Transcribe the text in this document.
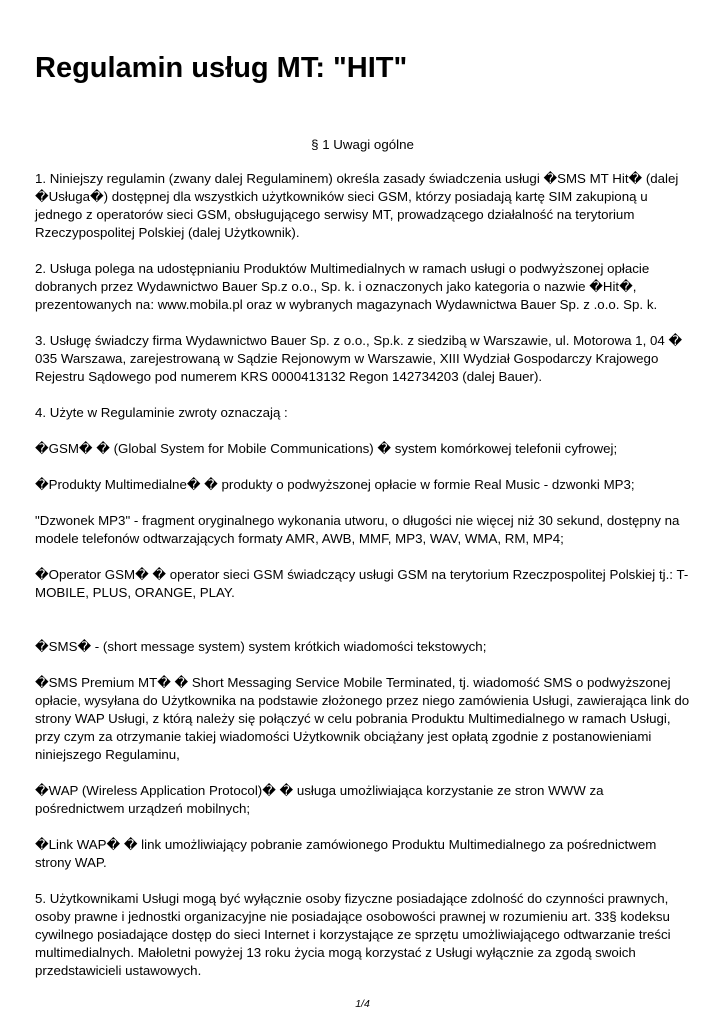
Regulamin usług MT: "HIT"
§ 1 Uwagi ogólne

1. Niniejszy regulamin (zwany dalej Regulaminem) określa zasady świadczenia usługi �SMS MT Hit� (dalej �Usługa�) dostępnej dla wszystkich użytkowników sieci GSM, którzy posiadają kartę SIM zakupioną u jednego z operatorów sieci GSM, obsługującego serwisy MT, prowadzącego działalność na terytorium Rzeczypospolitej Polskiej (dalej Użytkownik).

2. Usługa polega na udostępnianiu Produktów Multimedialnych w ramach usługi o podwyższonej opłacie dobranych przez Wydawnictwo Bauer Sp.z o.o., Sp. k. i oznaczonych jako kategoria o nazwie �Hit�, prezentowanych na: www.mobila.pl oraz w wybranych magazynach Wydawnictwa Bauer Sp. z .o.o. Sp. k.

3. Usługę świadczy firma Wydawnictwo Bauer Sp. z o.o., Sp.k. z siedzibą w Warszawie, ul. Motorowa 1, 04 � 035 Warszawa, zarejestrowaną w Sądzie Rejonowym w Warszawie, XIII Wydział Gospodarczy Krajowego Rejestru Sądowego pod numerem KRS 0000413132 Regon 142734203 (dalej Bauer).

4. Użyte w Regulaminie zwroty oznaczają :

�GSM� � (Global System for Mobile Communications) � system komórkowej telefonii cyfrowej;

�Produkty Multimedialne� � produkty o podwyższonej opłacie w formie Real Music - dzwonki MP3;

"Dzwonek MP3" - fragment oryginalnego wykonania utworu, o długości nie więcej niż 30 sekund, dostępny na modele telefonów odtwarzających formaty AMR, AWB, MMF, MP3, WAV, WMA, RM, MP4;

�Operator GSM� � operator sieci GSM świadczący usługi GSM na terytorium Rzeczpospolitej Polskiej tj.: T-MOBILE, PLUS, ORANGE, PLAY.

�SMS� - (short message system) system krótkich wiadomości tekstowych;

�SMS Premium MT� � Short Messaging Service Mobile Terminated, tj. wiadomość SMS o podwyższonej opłacie, wysyłana do Użytkownika na podstawie złożonego przez niego zamówienia Usługi, zawierająca link do strony WAP Usługi, z którą należy się połączyć w celu pobrania Produktu Multimedialnego w ramach Usługi, przy czym za otrzymanie takiej wiadomości Użytkownik obciążany jest opłatą zgodnie z postanowieniami niniejszego Regulaminu,

�WAP (Wireless Application Protocol)� � usługa umożliwiająca korzystanie ze stron WWW za pośrednictwem urządzeń mobilnych;

�Link WAP� � link umożliwiający pobranie zamówionego Produktu Multimedialnego za pośrednictwem strony WAP.

5. Użytkownikami Usługi mogą być wyłącznie osoby fizyczne posiadające zdolność do czynności prawnych, osoby prawne i jednostki organizacyjne nie posiadające osobowości prawnej w rozumieniu art. 33§ kodeksu cywilnego posiadające dostęp do sieci Internet i korzystające ze sprzętu umożliwiającego odtwarzanie treści multimedialnych. Małoletni powyżej 13 roku życia mogą korzystać z Usługi wyłącznie za zgodą swoich przedstawicieli ustawowych.

1/4
